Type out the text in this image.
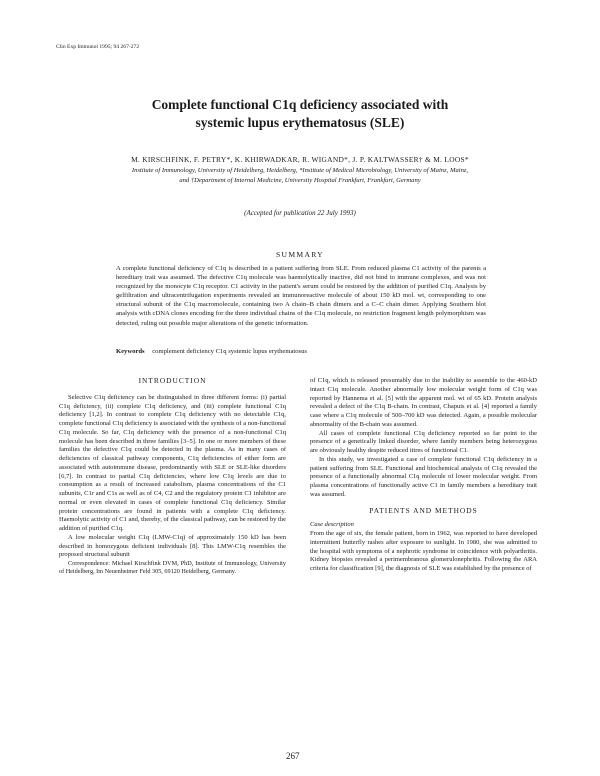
Clin Exp Immunol 1995; 94 267-272
Complete functional C1q deficiency associated with
systemic lupus erythematosus (SLE)
M. KIRSCHFINK, F. PETRY*, K. KHIRWADKAR, R. WIGAND*, J. P. KALTWASSER† & M. LOOS*
Institute of Immunology, University of Heidelberg, Heidelberg, *Institute of Medical Microbiology, University of Mainz, Mainz,
and †Department of Internal Medicine, University Hospital Frankfurt, Frankfurt, Germany
(Accepted for publication 22 July 1993)
SUMMARY

A complete functional deficiency of C1q is described in a patient suffering from SLE. From reduced plasma C1 activity of the parents a hereditary trait was assumed. The defective C1q molecule was haemolytically inactive, did not bind to immune complexes, and was not recognized by the monocyte C1q receptor. C1 activity in the patient's serum could be restored by the addition of purified C1q. Analysis by gelfiltration and ultracentrifugation experiments revealed an immunoreactive molecule of about 150 kD mol. wt, corresponding to one structural subunit of the C1q macromolecule, containing two A chain–B chain dimers and a C–C chain dimer. Applying Southern blot analysis with cDNA clones encoding for the three individual chains of the C1q molecule, no restriction fragment length polymorphism was detected, ruling out possible major alterations of the genetic information.

Keywords complement deficiency C1q systemic lupus erythematosus
INTRODUCTION

Selective C1q deficiency can be distinguished in three different forms: (i) partial C1q deficiency, (ii) complete C1q deficiency, and (iii) complete functional C1q deficiency [1,2]. In contrast to complete C1q deficiency with no detectable C1q, complete functional C1q deficiency is associated with the synthesis of a non-functional C1q molecule. So far, C1q deficiency with the presence of a non-functional C1q molecule has been described in three families [3–5]. In one or more members of these families the defective C1q could be detected in the plasma. As in many cases of deficiencies of classical pathway components, C1q deficiencies of either form are associated with autoimmune disease, predominantly with SLE or SLE-like disorders [6,7]. In contrast to partial C1q deficiencies, where low C1q levels are due to consumption as a result of increased catabolism, plasma concentrations of the C1 subunits, C1r and C1s as well as of C4, C2 and the regulatory protein C1 inhibitor are normal or even elevated in cases of complete functional C1q deficiency. Similar protein concentrations are found in patients with a complete C1q deficiency. Haemolytic activity of C1 and, thereby, of the classical pathway, can be restored by the addition of purified C1q.

A low molecular weight C1q (LMW-C1q) of approximately 150 kD has been described in homozygous deficient individuals [8]. This LMW-C1q resembles the proposed structural subunit

Correspondence: Michael Kirschfink DVM, PhD, Institute of Immunology, University of Heidelberg, Im Neuenheimer Feld 305, 69120 Heidelberg, Germany.

of C1q, which is released presumably due to the inability to assemble to the 460-kD intact C1q molecule. Another abnormally low molecular weight form of C1q was reported by Hannema et al. [5] with the apparent mol. wt of 65 kD. Protein analysis revealed a defect of the C1q B-chain. In contrast, Chapuis et al. [4] reported a family case where a C1q molecule of 500–700 kD was detected. Again, a possible molecular abnormality of the B-chain was assumed.

All cases of complete functional C1q deficiency reported so far point to the presence of a genetically linked disorder, where family members being heterozygous are obviously healthy despite reduced titres of functional C1.

In this study, we investigated a case of complete functional C1q deficiency in a patient suffering from SLE. Functional and biochemical analysis of C1q revealed the presence of a functionally abnormal C1q molecule of lower molecular weight. From plasma concentrations of functionally active C1 in family members a hereditary trait was assumed.

PATIENTS AND METHODS

Case description

From the age of six, the female patient, born in 1962, was reported to have developed intermittent butterfly rashes after exposure to sunlight. In 1980, she was admitted to the hospital with symptoms of a nephrotic syndrome in coincidence with polyarthritis. Kidney biopsies revealed a perimembranous glomerulonephritis. Following the ARA criteria for classification [9], the diagnosis of SLE was established by the presence of

267
